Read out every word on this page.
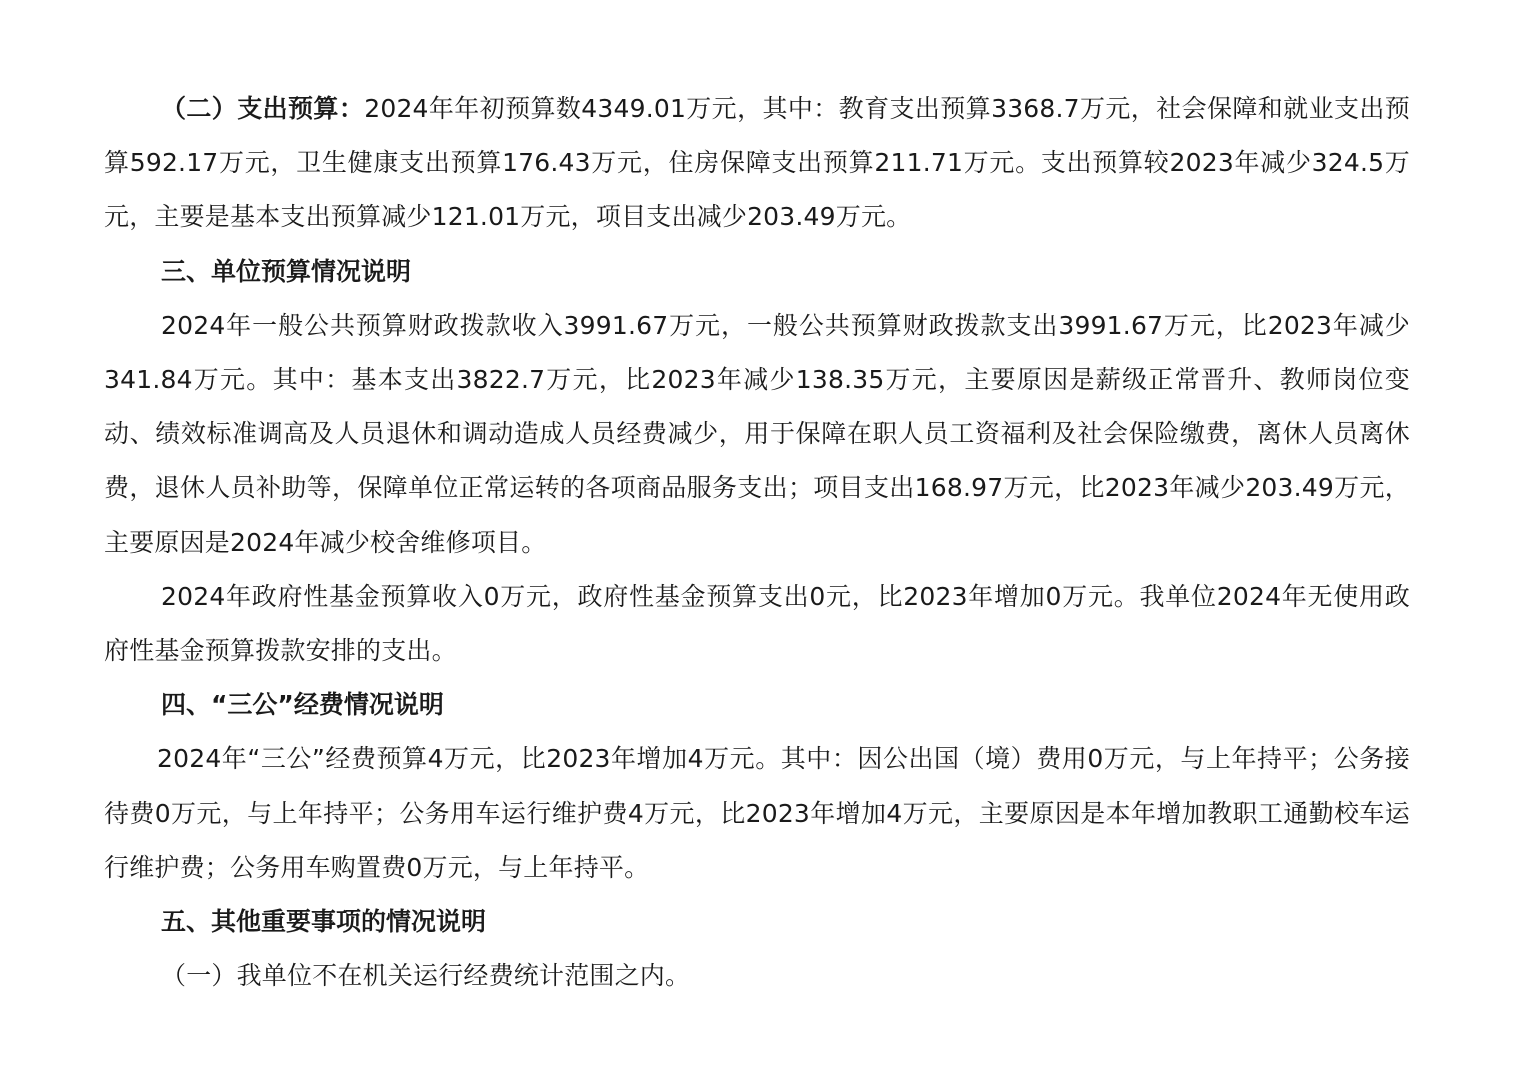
（二）支出预算：2024年年初预算数4349.01万元，其中：教育支出预算3368.7万元，社会保障和就业支出预算592.17万元，卫生健康支出预算176.43万元，住房保障支出预算211.71万元。支出预算较2023年减少324.5万元，主要是基本支出预算减少121.01万元，项目支出减少203.49万元。

三、单位预算情况说明

2024年一般公共预算财政拨款收入3991.67万元，一般公共预算财政拨款支出3991.67万元，比2023年减少341.84万元。其中：基本支出3822.7万元，比2023年减少138.35万元，主要原因是薪级正常晋升、教师岗位变动、绩效标准调高及人员退休和调动造成人员经费减少，用于保障在职人员工资福利及社会保险缴费，离休人员离休费，退休人员补助等，保障单位正常运转的各项商品服务支出；项目支出168.97万元，比2023年减少203.49万元，主要原因是2024年减少校舍维修项目。

2024年政府性基金预算收入0万元，政府性基金预算支出0元，比2023年增加0万元。我单位2024年无使用政府性基金预算拨款安排的支出。

四、“三公”经费情况说明

2024年“三公”经费预算4万元，比2023年增加4万元。其中：因公出国（境）费用0万元，与上年持平；公务接待费0万元，与上年持平；公务用车运行维护费4万元，比2023年增加4万元，主要原因是本年增加教职工通勤校车运行维护费；公务用车购置费0万元，与上年持平。

五、其他重要事项的情况说明

（一）我单位不在机关运行经费统计范围之内。
